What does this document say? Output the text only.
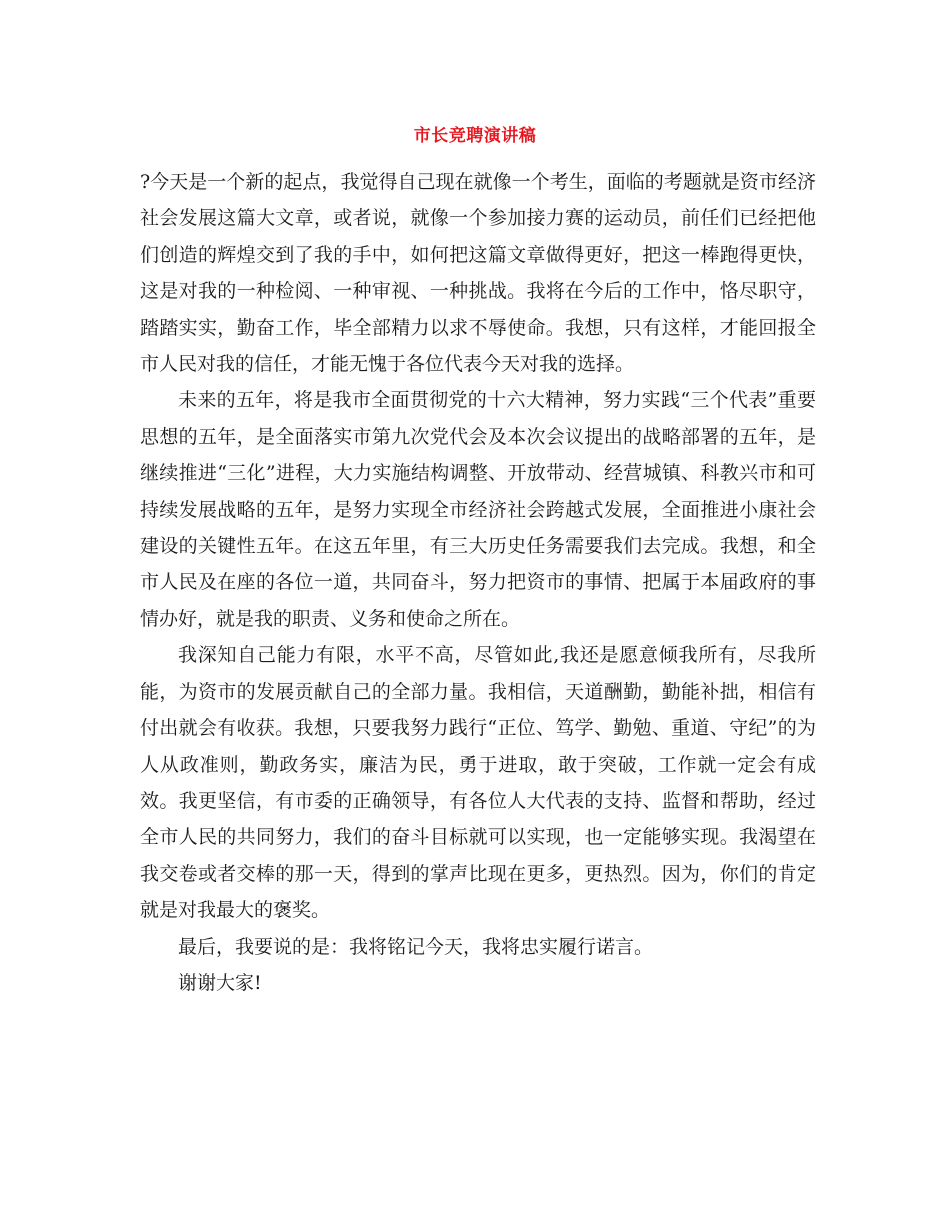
市长竞聘演讲稿

?今天是一个新的起点，我觉得自己现在就像一个考生，面临的考题就是资市经济社会发展这篇大文章，或者说，就像一个参加接力赛的运动员，前任们已经把他们创造的辉煌交到了我的手中，如何把这篇文章做得更好，把这一棒跑得更快，这是对我的一种检阅、一种审视、一种挑战。我将在今后的工作中，恪尽职守，踏踏实实，勤奋工作，毕全部精力以求不辱使命。我想，只有这样，才能回报全市人民对我的信任，才能无愧于各位代表今天对我的选择。

未来的五年，将是我市全面贯彻党的十六大精神，努力实践“三个代表”重要思想的五年，是全面落实市第九次党代会及本次会议提出的战略部署的五年，是继续推进“三化”进程，大力实施结构调整、开放带动、经营城镇、科教兴市和可持续发展战略的五年，是努力实现全市经济社会跨越式发展，全面推进小康社会建设的关键性五年。在这五年里，有三大历史任务需要我们去完成。我想，和全市人民及在座的各位一道，共同奋斗，努力把资市的事情、把属于本届政府的事情办好，就是我的职责、义务和使命之所在。

我深知自己能力有限，水平不高，尽管如此,我还是愿意倾我所有，尽我所能，为资市的发展贡献自己的全部力量。我相信，天道酬勤，勤能补拙，相信有付出就会有收获。我想，只要我努力践行“正位、笃学、勤勉、重道、守纪”的为人从政准则，勤政务实，廉洁为民，勇于进取，敢于突破，工作就一定会有成效。我更坚信，有市委的正确领导，有各位人大代表的支持、监督和帮助，经过全市人民的共同努力，我们的奋斗目标就可以实现，也一定能够实现。我渴望在我交卷或者交棒的那一天，得到的掌声比现在更多，更热烈。因为，你们的肯定就是对我最大的褒奖。

最后，我要说的是：我将铭记今天，我将忠实履行诺言。

谢谢大家!
